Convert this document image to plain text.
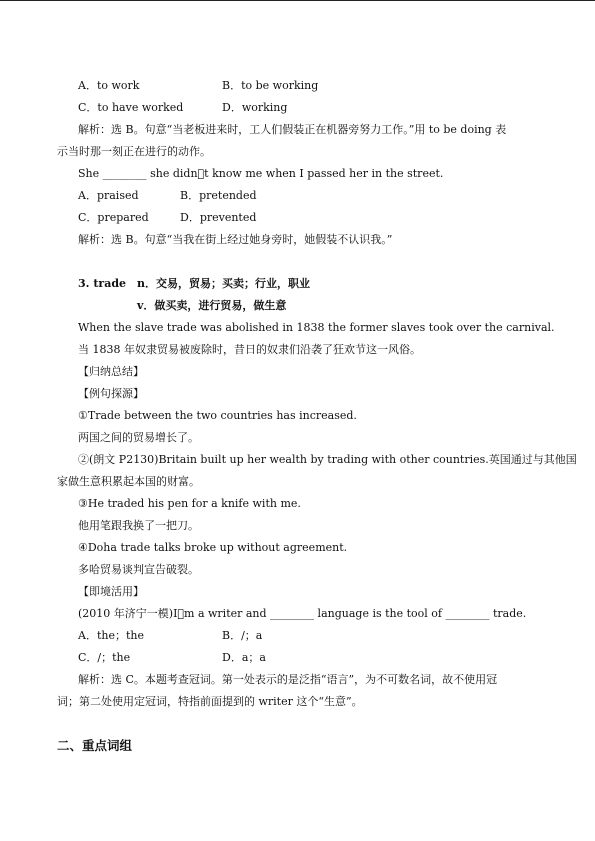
A．to work	B．to be working
C．to have worked	D．working
解析：选 B。句意“当老板进来时，工人们假装正在机器旁努力工作。”用 to be doing 表
示当时那一刻正在进行的动作。
She ________ she didn t know me when I passed her in the street.
A．praised	B．pretended
C．prepared	D．prevented
解析：选 B。句意“当我在街上经过她身旁时，她假装不认识我。”
3. trade n．交易，贸易；买卖；行业，职业
v．做买卖，进行贸易，做生意
When the slave trade was abolished in 1838 the former slaves took over the carnival.
当 1838 年奴隶贸易被废除时，昔日的奴隶们沿袭了狂欢节这一风俗。
【归纳总结】
【例句探源】
①Trade between the two countries has increased.
两国之间的贸易增长了。
②(朗文 P2130)Britain built up her wealth by trading with other countries.英国通过与其他国
家做生意积累起本国的财富。
③He traded his pen for a knife with me.
他用笔跟我换了一把刀。
④Doha trade talks broke up without agreement.
多哈贸易谈判宣告破裂。
【即境活用】
(2010 年济宁一模)I m a writer and ________ language is the tool of ________ trade.
A．the；the	B．/；a
C．/；the	D．a；a
解析：选 C。本题考查冠词。第一处表示的是泛指“语言”，为不可数名词，故不使用冠
词；第二处使用定冠词，特指前面提到的 writer 这个“生意”。
二、重点词组
